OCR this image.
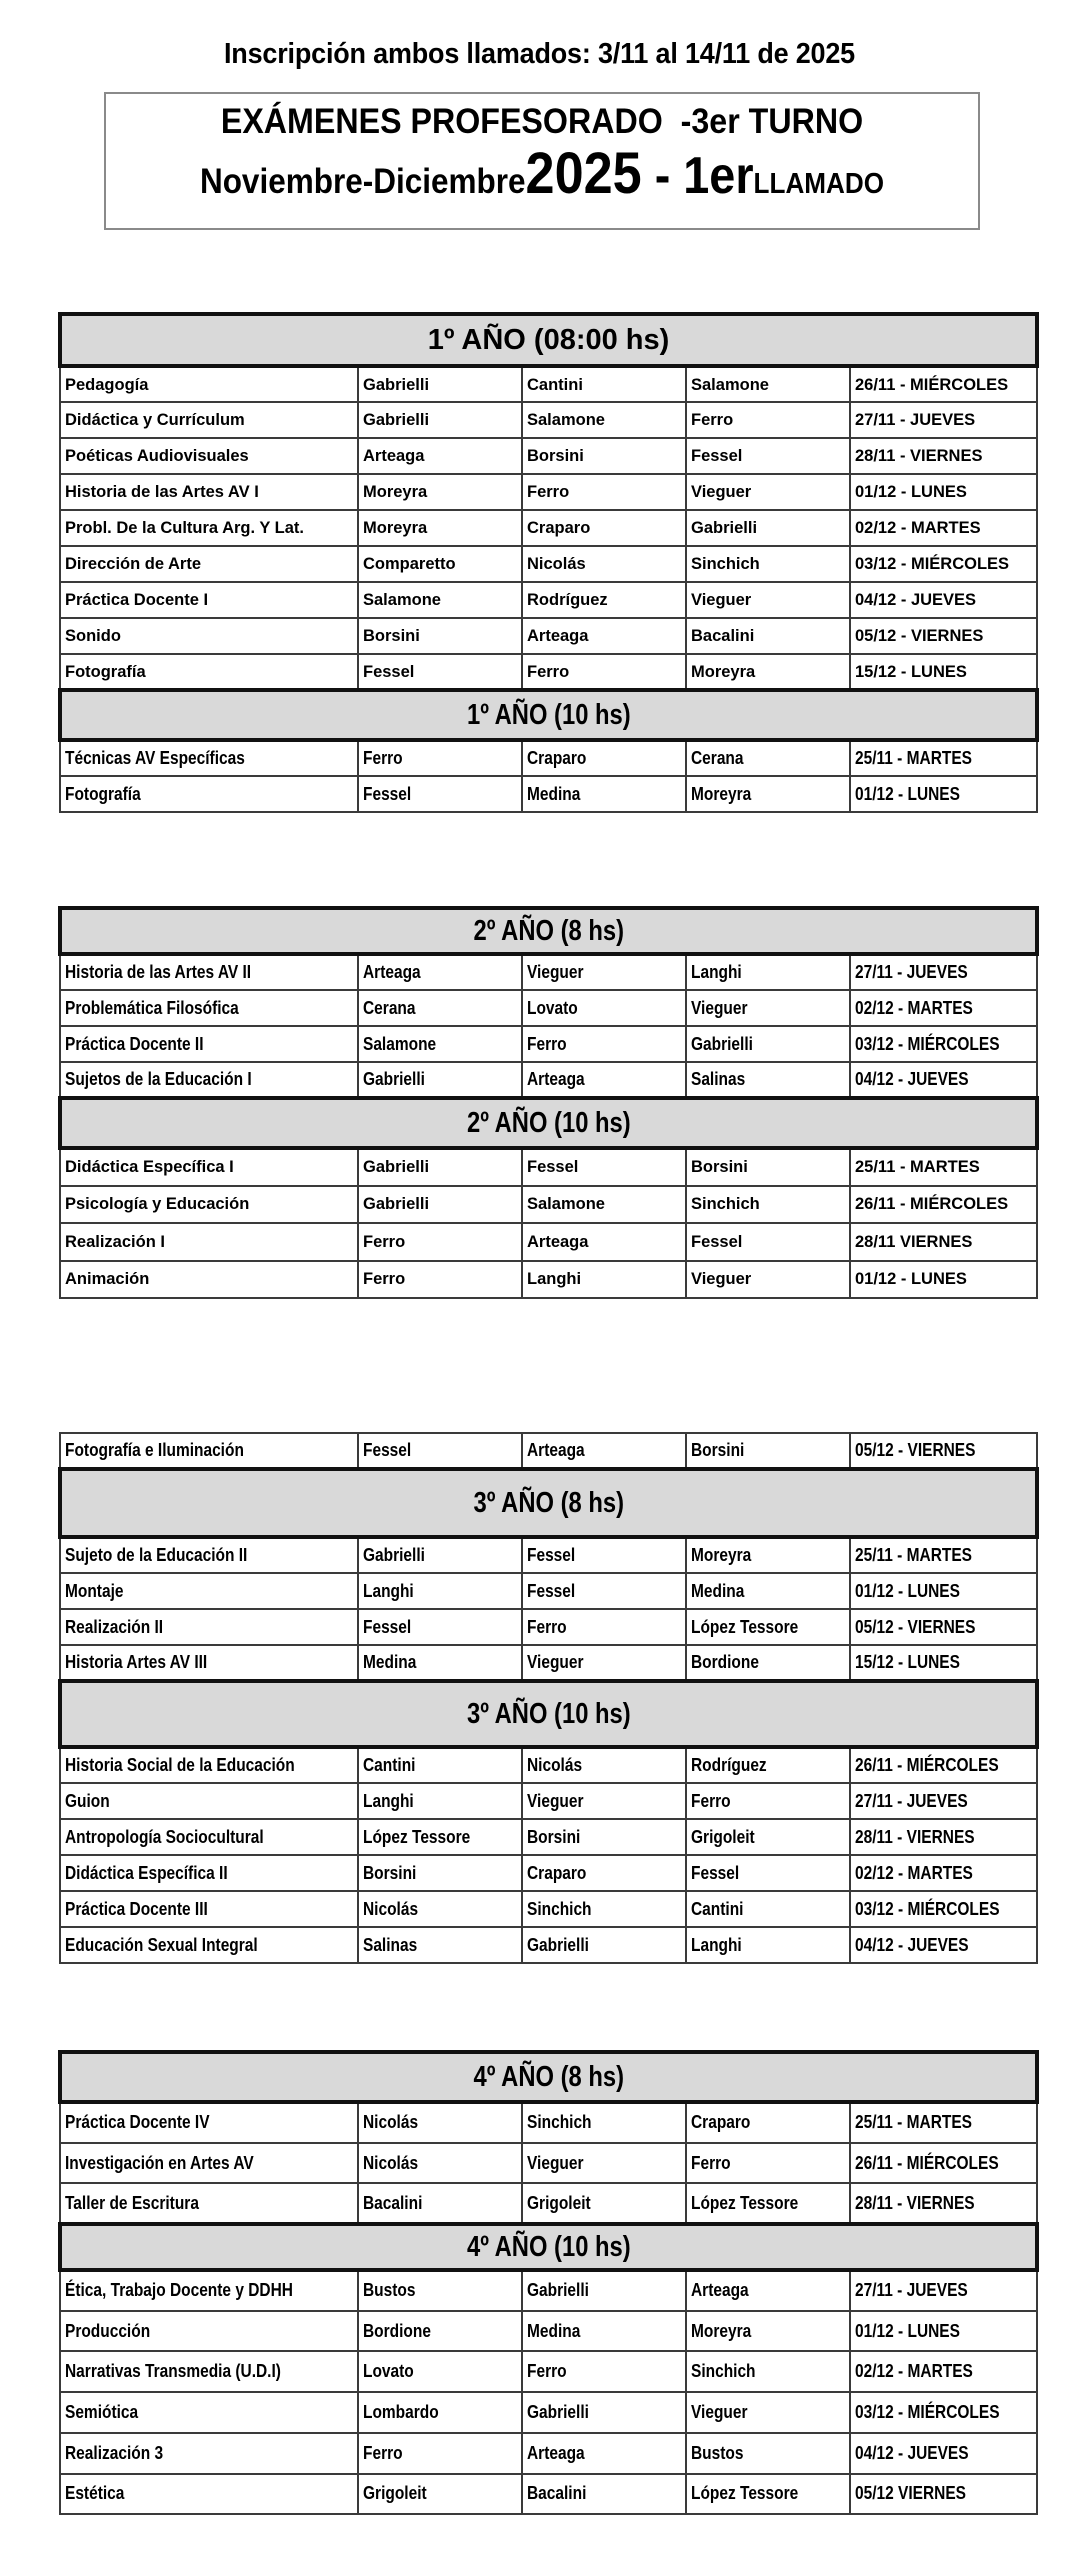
Inscripción ambos llamados: 3/11 al 14/11 de 2025
EXÁMENES PROFESORADO  -3er TURNO
Noviembre-Diciembre2025 - 1erLLAMADO
1º AÑO (08:00 hs)				
Pedagogía	Gabrielli	Cantini	Salamone	26/11 - MIÉRCOLES
Didáctica y Currículum	Gabrielli	Salamone	Ferro	27/11 - JUEVES
Poéticas Audiovisuales	Arteaga	Borsini	Fessel	28/11 - VIERNES
Historia de las Artes AV I	Moreyra	Ferro	Vieguer	01/12 - LUNES
Probl. De la Cultura Arg. Y Lat.	Moreyra	Craparo	Gabrielli	02/12 - MARTES
Dirección de Arte	Comparetto	Nicolás	Sinchich	03/12 - MIÉRCOLES
Práctica Docente I	Salamone	Rodríguez	Vieguer	04/12 - JUEVES
Sonido	Borsini	Arteaga	Bacalini	05/12 - VIERNES
Fotografía	Fessel	Ferro	Moreyra	15/12 - LUNES
1º AÑO (10 hs)				
Técnicas AV Específicas	Ferro	Craparo	Cerana	25/11 - MARTES
Fotografía	Fessel	Medina	Moreyra	01/12 - LUNES
2º AÑO (8 hs)				
Historia de las Artes AV II	Arteaga	Vieguer	Langhi	27/11 - JUEVES
Problemática Filosófica	Cerana	Lovato	Vieguer	02/12 - MARTES
Práctica Docente II	Salamone	Ferro	Gabrielli	03/12 - MIÉRCOLES
Sujetos de la Educación I	Gabrielli	Arteaga	Salinas	04/12 - JUEVES
2º AÑO (10 hs)				
Didáctica Específica I	Gabrielli	Fessel	Borsini	25/11 - MARTES
Psicología y Educación	Gabrielli	Salamone	Sinchich	26/11 - MIÉRCOLES
Realización I	Ferro	Arteaga	Fessel	28/11 VIERNES
Animación	Ferro	Langhi	Vieguer	01/12 - LUNES
Fotografía e Iluminación	Fessel	Arteaga	Borsini	05/12 - VIERNES
3º AÑO (8 hs)				
Sujeto de la Educación II	Gabrielli	Fessel	Moreyra	25/11 - MARTES
Montaje	Langhi	Fessel	Medina	01/12 - LUNES
Realización II	Fessel	Ferro	López Tessore	05/12 - VIERNES
Historia Artes AV III	Medina	Vieguer	Bordione	15/12 - LUNES
3º AÑO (10 hs)				
Historia Social de la Educación	Cantini	Nicolás	Rodríguez	26/11 - MIÉRCOLES
Guion	Langhi	Vieguer	Ferro	27/11 - JUEVES
Antropología Sociocultural	López Tessore	Borsini	Grigoleit	28/11 - VIERNES
Didáctica Específica II	Borsini	Craparo	Fessel	02/12 - MARTES
Práctica Docente III	Nicolás	Sinchich	Cantini	03/12 - MIÉRCOLES
Educación Sexual Integral	Salinas	Gabrielli	Langhi	04/12 - JUEVES
4º AÑO (8 hs)				
Práctica Docente IV	Nicolás	Sinchich	Craparo	25/11 - MARTES
Investigación en Artes AV	Nicolás	Vieguer	Ferro	26/11 - MIÉRCOLES
Taller de Escritura	Bacalini	Grigoleit	López Tessore	28/11 - VIERNES
4º AÑO (10 hs)				
Ética, Trabajo Docente y DDHH	Bustos	Gabrielli	Arteaga	27/11 - JUEVES
Producción	Bordione	Medina	Moreyra	01/12 - LUNES
Narrativas Transmedia (U.D.I)	Lovato	Ferro	Sinchich	02/12 - MARTES
Semiótica	Lombardo	Gabrielli	Vieguer	03/12 - MIÉRCOLES
Realización 3	Ferro	Arteaga	Bustos	04/12 - JUEVES
Estética	Grigoleit	Bacalini	López Tessore	05/12 VIERNES
